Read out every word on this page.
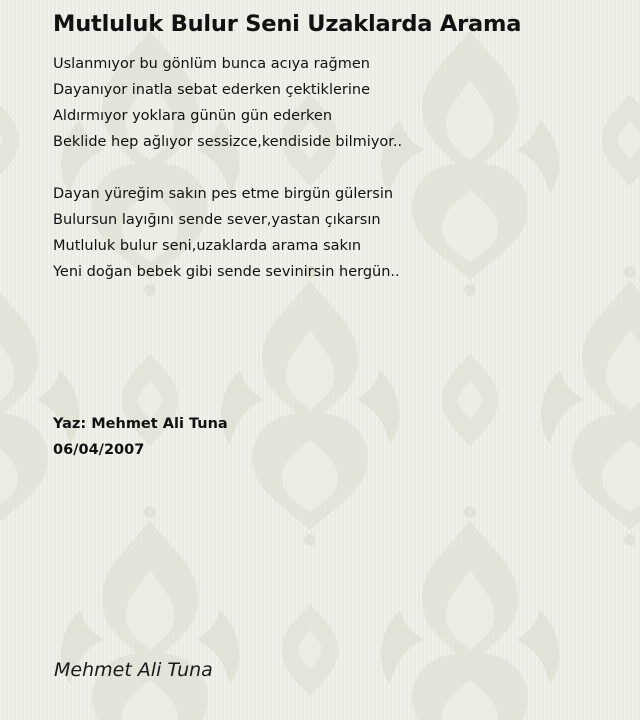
Mutluluk Bulur Seni Uzaklarda Arama
Uslanmıyor bu gönlüm bunca acıya rağmen
Dayanıyor inatla sebat ederken çektiklerine
Aldırmıyor yoklara günün gün ederken
Beklide hep ağlıyor sessizce,kendiside bilmiyor..
Dayan yüreğim sakın pes etme birgün gülersin
Bulursun layığını sende sever,yastan çıkarsın
Mutluluk bulur seni,uzaklarda arama sakın
Yeni doğan bebek gibi sende sevinirsin hergün..
Yaz: Mehmet Ali Tuna
06/04/2007
Mehmet Ali Tuna
